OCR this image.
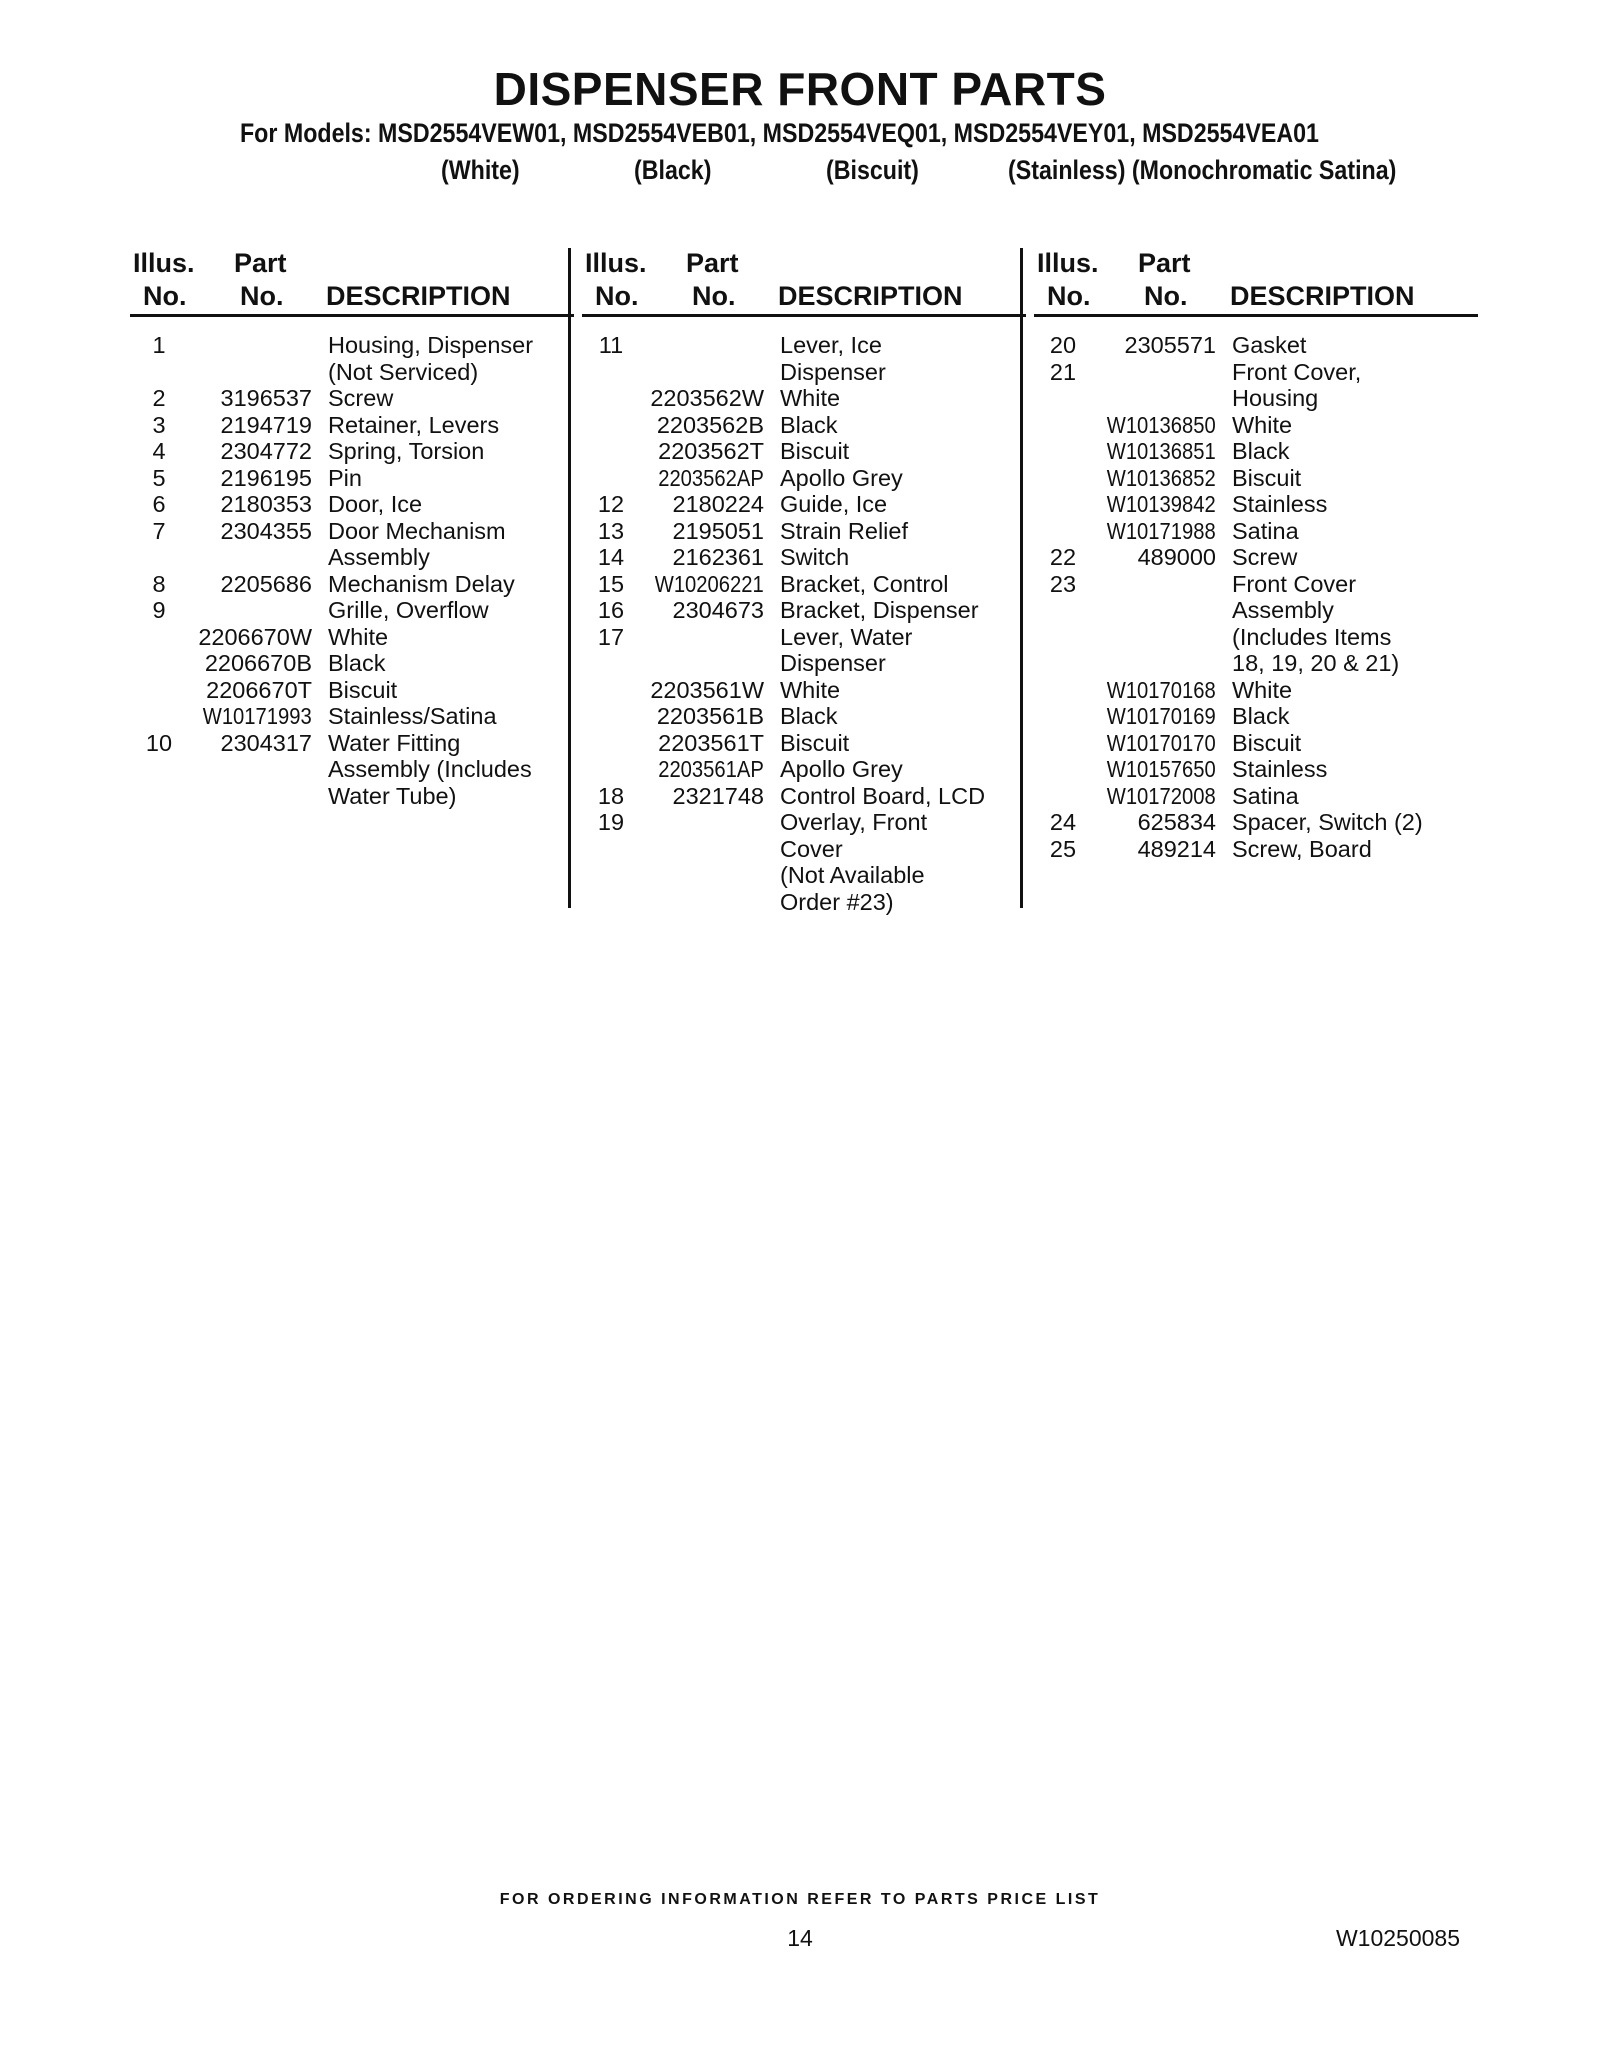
DISPENSER FRONT PARTS
For Models: MSD2554VEW01, MSD2554VEB01, MSD2554VEQ01, MSD2554VEY01, MSD2554VEA01
(White)	(Black)	(Biscuit)	(Stainless) (Monochromatic Satina)
Illus.
No.
Part
No. DESCRIPTION
1	Housing, Dispenser
(Not Serviced)
2	3196537 Screw
3	2194719 Retainer, Levers
4	2304772 Spring, Torsion
5	2196195 Pin
6	2180353 Door, Ice
7	2304355 Door Mechanism
Assembly
8	2205686 Mechanism Delay
9	Grille, Overflow
2206670W White
2206670B Black
2206670T Biscuit
W10171993 Stainless/Satina
10	2304317 Water Fitting
Assembly (Includes
Water Tube)
Illus.
No.
Part
No. DESCRIPTION
11	Lever, Ice
Dispenser
2203562W White
2203562B Black
2203562T Biscuit
2203562AP Apollo Grey
12	2180224 Guide, Ice
13	2195051 Strain Relief
14	2162361 Switch
15	W10206221 Bracket, Control
16	2304673 Bracket, Dispenser
17	Lever, Water
Dispenser
2203561W White
2203561B Black
2203561T Biscuit
2203561AP Apollo Grey
18	2321748 Control Board, LCD
19	Overlay, Front
Cover
(Not Available
Order #23)
Illus.
No.
Part
No. DESCRIPTION
20	2305571 Gasket
21	Front Cover,
Housing
W10136850 White
W10136851 Black
W10136852 Biscuit
W10139842 Stainless
W10171988 Satina
22	489000 Screw
23	Front Cover
Assembly
(Includes Items
18, 19, 20 & 21)
W10170168 White
W10170169 Black
W10170170 Biscuit
W10157650 Stainless
W10172008 Satina
24	625834 Spacer, Switch (2)
25	489214 Screw, Board
FOR ORDERING INFORMATION REFER TO PARTS PRICE LIST
14	W10250085
